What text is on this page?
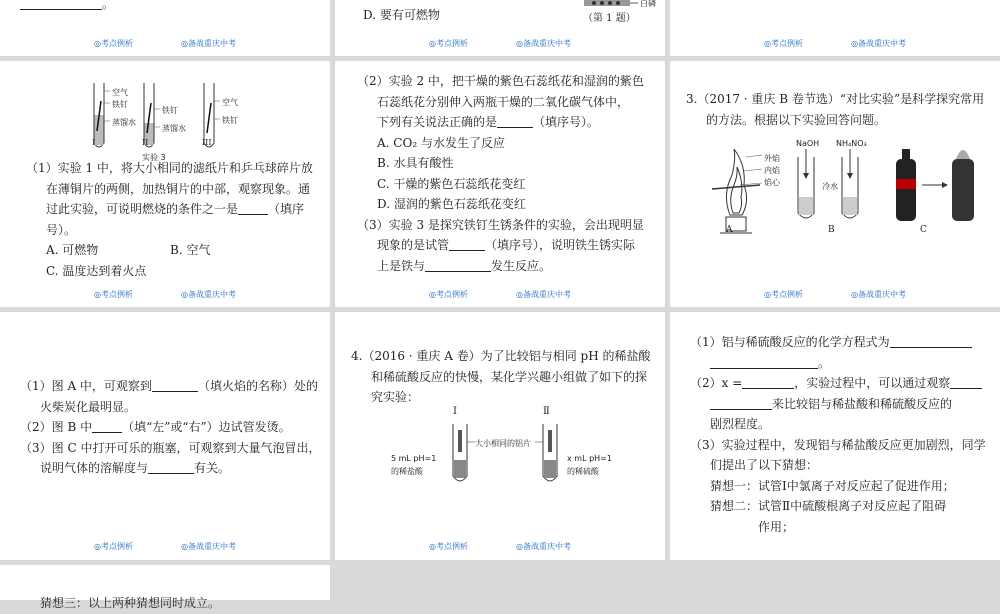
。

◎考点例析	◎备战重庆中考

D. 要有可燃物

白磷
（第 1 题）
◎考点例析	◎备战重庆中考	◎考点例析	◎备战重庆中考
空气
铁钉
蒸馏水
铁钉
蒸馏水
空气
铁钉
I	II	III
实验 3

（1）实验 1 中，将大小相同的滤纸片和乒乓球碎片放

在薄铜片的两侧，加热铜片的中部，观察现象。通

过此实验，可说明燃烧的条件之一是	（填序

号）。

A. 可燃物	B. 空气

C. 温度达到着火点

◎考点例析	◎备战重庆中考

（2）实验 2 中，把干燥的紫色石蕊纸花和湿润的紫色

石蕊纸花分别伸入两瓶干燥的二氧化碳气体中，

下列有关说法正确的是	（填序号）。

A. CO₂ 与水发生了反应

B. 水具有酸性

C. 干燥的紫色石蕊纸花变红

D. 湿润的紫色石蕊纸花变红

（3）实验 3 是探究铁钉生锈条件的实验，会出现明显

现象的是试管	（填序号），说明铁生锈实际

上是铁与	发生反应。

◎考点例析	◎备战重庆中考

3.（2017 · 重庆 B 卷节选）“对比实验”是科学探究常用

的方法。根据以下实验回答问题。

外焰
内焰
焰心
NaOH NH₄NO₃
冷水
A	B	C
◎考点例析	◎备战重庆中考

（1）图 A 中，可观察到	（填火焰的名称）处的

火柴炭化最明显。

（2）图 B 中	（填“左”或“右”）边试管发烫。

（3）图 C 中打开可乐的瓶塞，可观察到大量气泡冒出，

说明气体的溶解度与	有关。

◎考点例析	◎备战重庆中考

4.（2016 · 重庆 A 卷）为了比较铝与相同 pH 的稀盐酸

和稀硫酸反应的快慢，某化学兴趣小组做了如下的探

究实验：

Ⅰ	Ⅱ
大小相同的铝片
5 mL pH=1
的稀盐酸
x mL pH=1
的稀硫酸
◎考点例析	◎备战重庆中考

（1）铝与稀硫酸反应的化学方程式为

。

（2）x =	，实验过程中，可以通过观察

来比较铝与稀盐酸和稀硫酸反应的

剧烈程度。

（3）实验过程中，发现铝与稀盐酸反应更加剧烈，同学

们提出了以下猜想：

猜想一：试管Ⅰ中氯离子对反应起了促进作用；

猜想二：试管Ⅱ中硫酸根离子对反应起了阻碍

作用；

猜想三：以上两种猜想同时成立。
